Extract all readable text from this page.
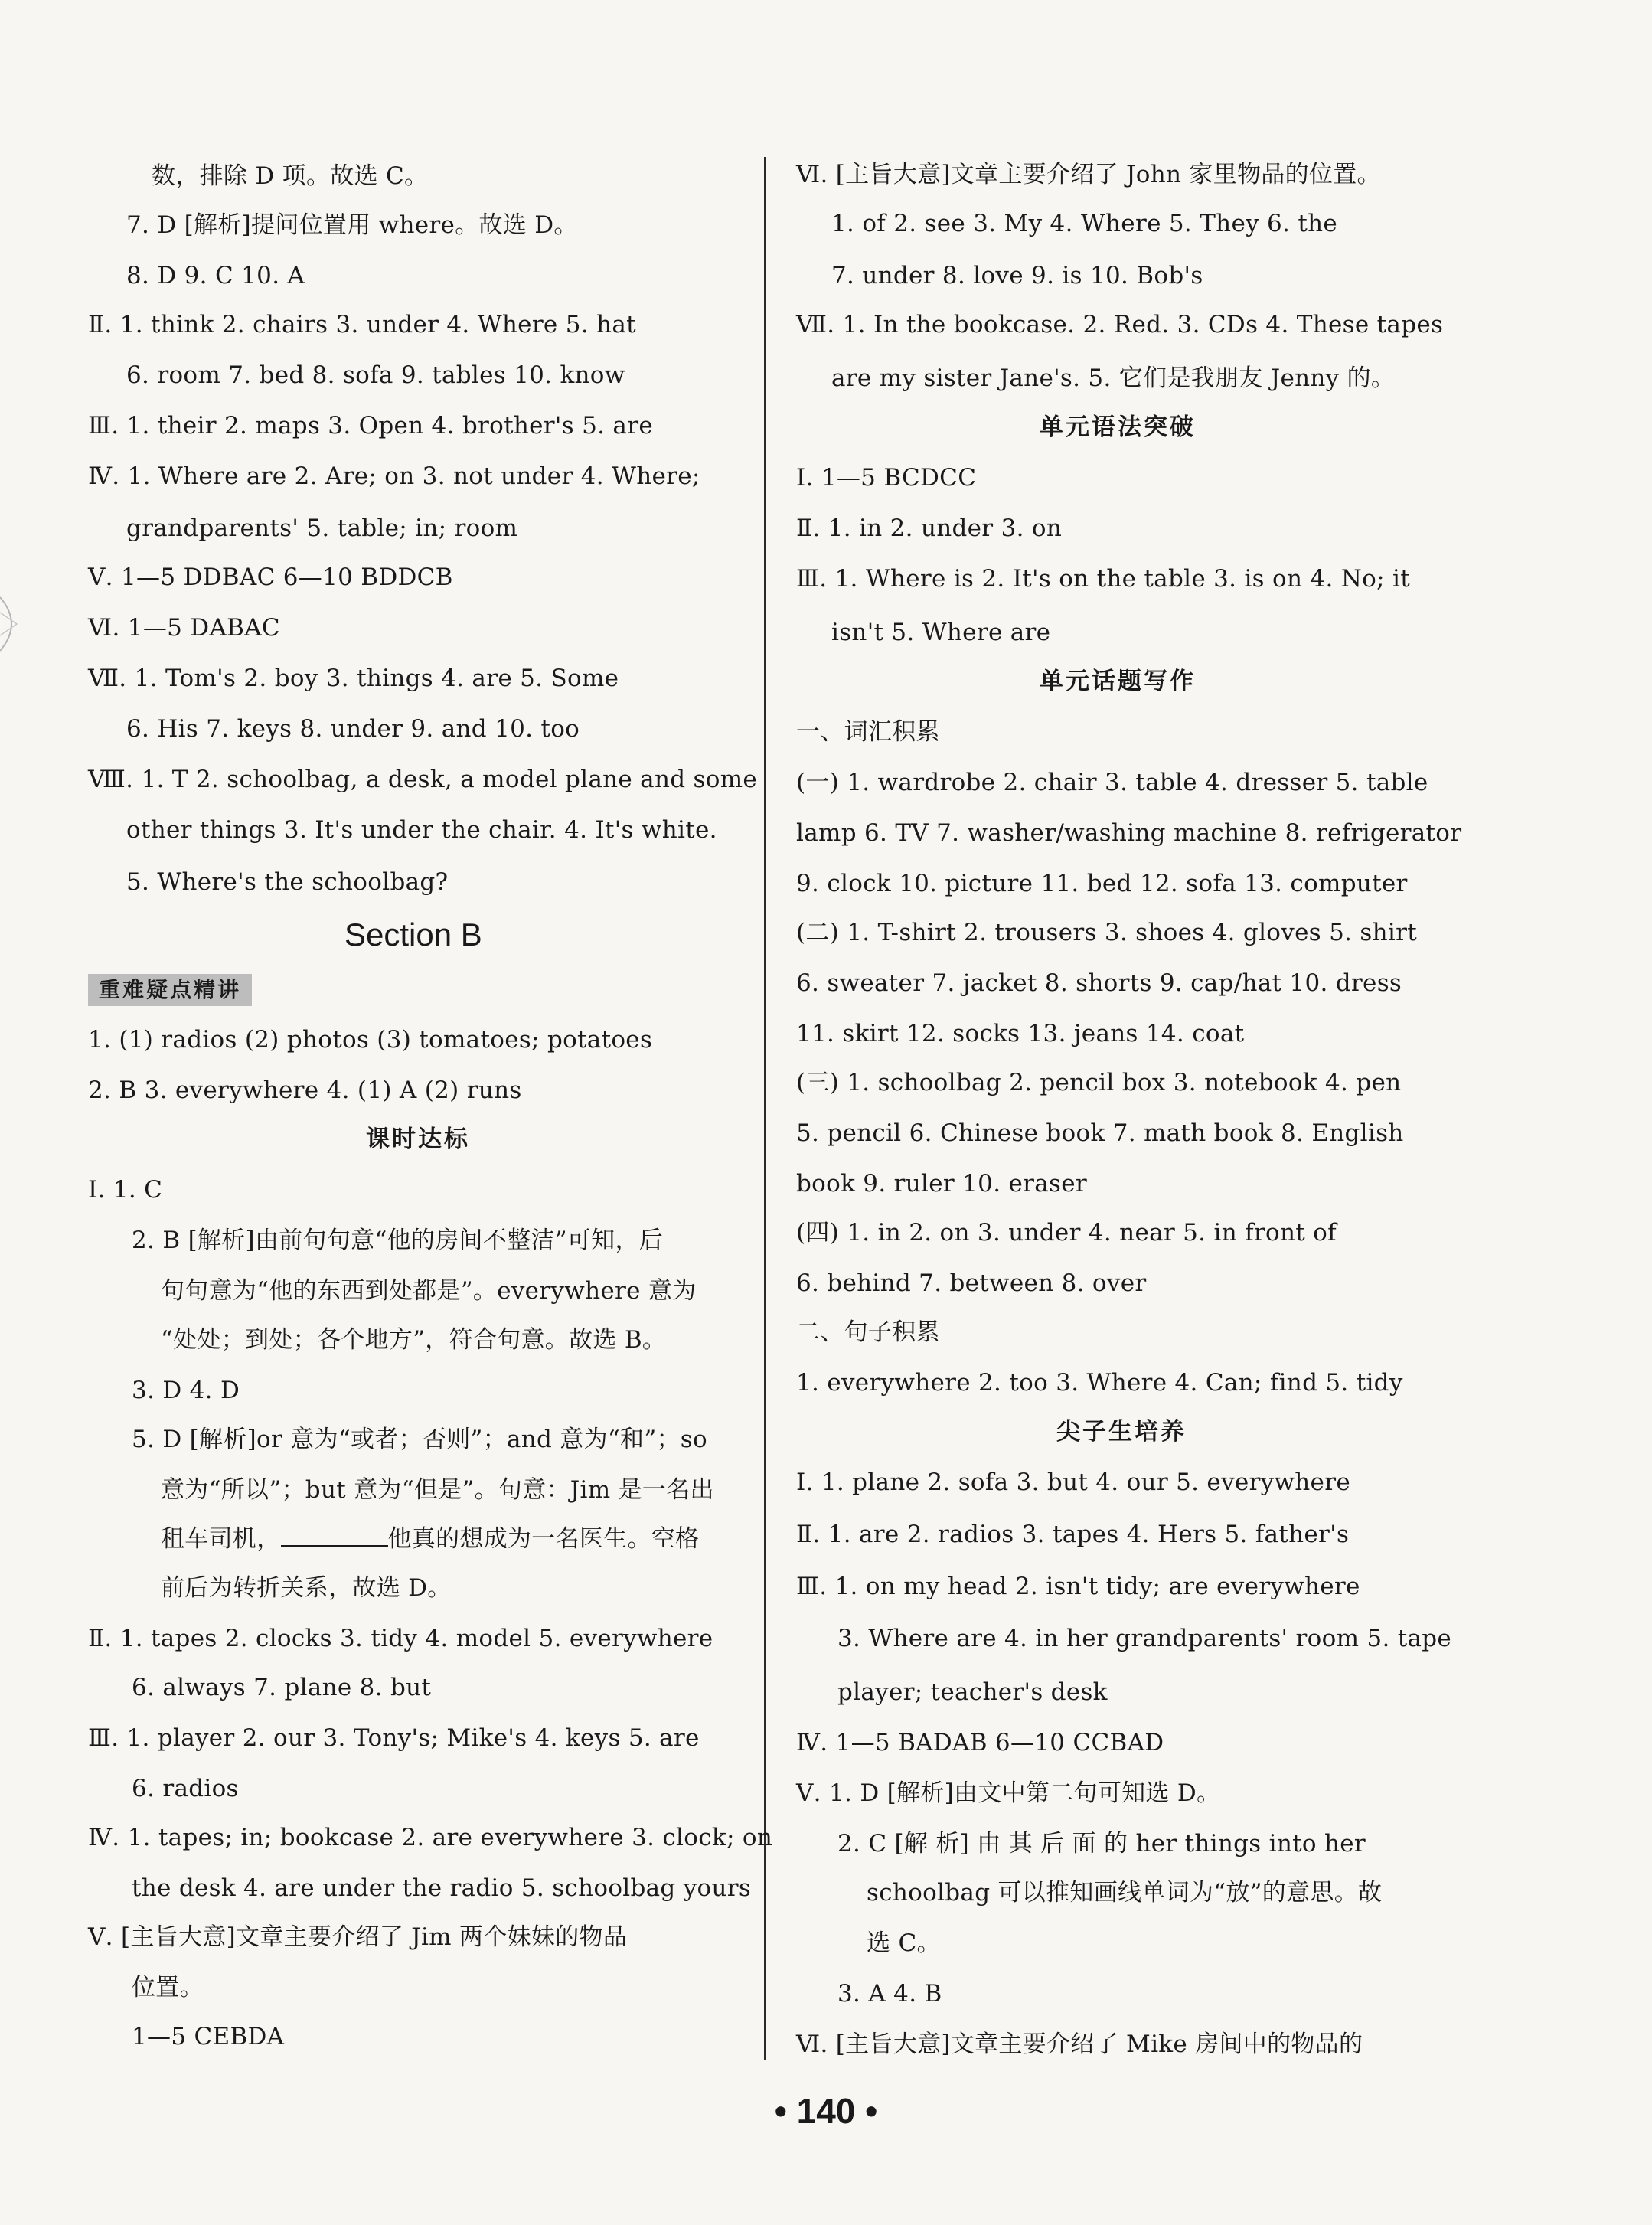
数，排除 D 项。故选 C。
7. D [解析]提问位置用 where。故选 D。
8. D 9. C 10. A
Ⅱ. 1. think 2. chairs 3. under 4. Where 5. hat
6. room 7. bed 8. sofa 9. tables 10. know
Ⅲ. 1. their 2. maps 3. Open 4. brother's 5. are
Ⅳ. 1. Where are 2. Are; on 3. not under 4. Where;
grandparents' 5. table; in; room
Ⅴ. 1—5 DDBAC 6—10 BDDCB
Ⅵ. 1—5 DABAC
Ⅶ. 1. Tom's 2. boy 3. things 4. are 5. Some
6. His 7. keys 8. under 9. and 10. too
Ⅷ. 1. T 2. schoolbag, a desk, a model plane and some
other things 3. It's under the chair. 4. It's white.
5. Where's the schoolbag?
Section B
重难疑点精讲
1. (1) radios (2) photos (3) tomatoes; potatoes
2. B 3. everywhere 4. (1) A (2) runs
课时达标
Ⅰ. 1. C
2. B [解析]由前句句意“他的房间不整洁”可知，后
句句意为“他的东西到处都是”。everywhere 意为
“处处；到处；各个地方”，符合句意。故选 B。
3. D 4. D
5. D [解析]or 意为“或者；否则”；and 意为“和”；so
意为“所以”；but 意为“但是”。句意：Jim 是一名出
租车司机，	他真的想成为一名医生。空格
前后为转折关系，故选 D。
Ⅱ. 1. tapes 2. clocks 3. tidy 4. model 5. everywhere
6. always 7. plane 8. but
Ⅲ. 1. player 2. our 3. Tony's; Mike's 4. keys 5. are
6. radios
Ⅳ. 1. tapes; in; bookcase 2. are everywhere 3. clock; on
the desk 4. are under the radio 5. schoolbag yours
Ⅴ. [主旨大意]文章主要介绍了 Jim 两个妹妹的物品
位置。
1—5 CEBDA
Ⅵ. [主旨大意]文章主要介绍了 John 家里物品的位置。
1. of 2. see 3. My 4. Where 5. They 6. the
7. under 8. love 9. is 10. Bob's
Ⅶ. 1. In the bookcase. 2. Red. 3. CDs 4. These tapes
are my sister Jane's. 5. 它们是我朋友 Jenny 的。
单元语法突破
Ⅰ. 1—5 BCDCC
Ⅱ. 1. in 2. under 3. on
Ⅲ. 1. Where is 2. It's on the table 3. is on 4. No; it
isn't 5. Where are
单元话题写作
一、词汇积累
(一) 1. wardrobe 2. chair 3. table 4. dresser 5. table
lamp 6. TV 7. washer/washing machine 8. refrigerator
9. clock 10. picture 11. bed 12. sofa 13. computer
(二) 1. T-shirt 2. trousers 3. shoes 4. gloves 5. shirt
6. sweater 7. jacket 8. shorts 9. cap/hat 10. dress
11. skirt 12. socks 13. jeans 14. coat
(三) 1. schoolbag 2. pencil box 3. notebook 4. pen
5. pencil 6. Chinese book 7. math book 8. English
book 9. ruler 10. eraser
(四) 1. in 2. on 3. under 4. near 5. in front of
6. behind 7. between 8. over
二、句子积累
1. everywhere 2. too 3. Where 4. Can; find 5. tidy
尖子生培养
Ⅰ. 1. plane 2. sofa 3. but 4. our 5. everywhere
Ⅱ. 1. are 2. radios 3. tapes 4. Hers 5. father's
Ⅲ. 1. on my head 2. isn't tidy; are everywhere
3. Where are 4. in her grandparents' room 5. tape
player; teacher's desk
Ⅳ. 1—5 BADAB 6—10 CCBAD
Ⅴ. 1. D [解析]由文中第二句可知选 D。
2. C [解 析] 由 其 后 面 的 her things into her
schoolbag 可以推知画线单词为“放”的意思。故
选 C。
3. A 4. B
Ⅵ. [主旨大意]文章主要介绍了 Mike 房间中的物品的
• 140 •
